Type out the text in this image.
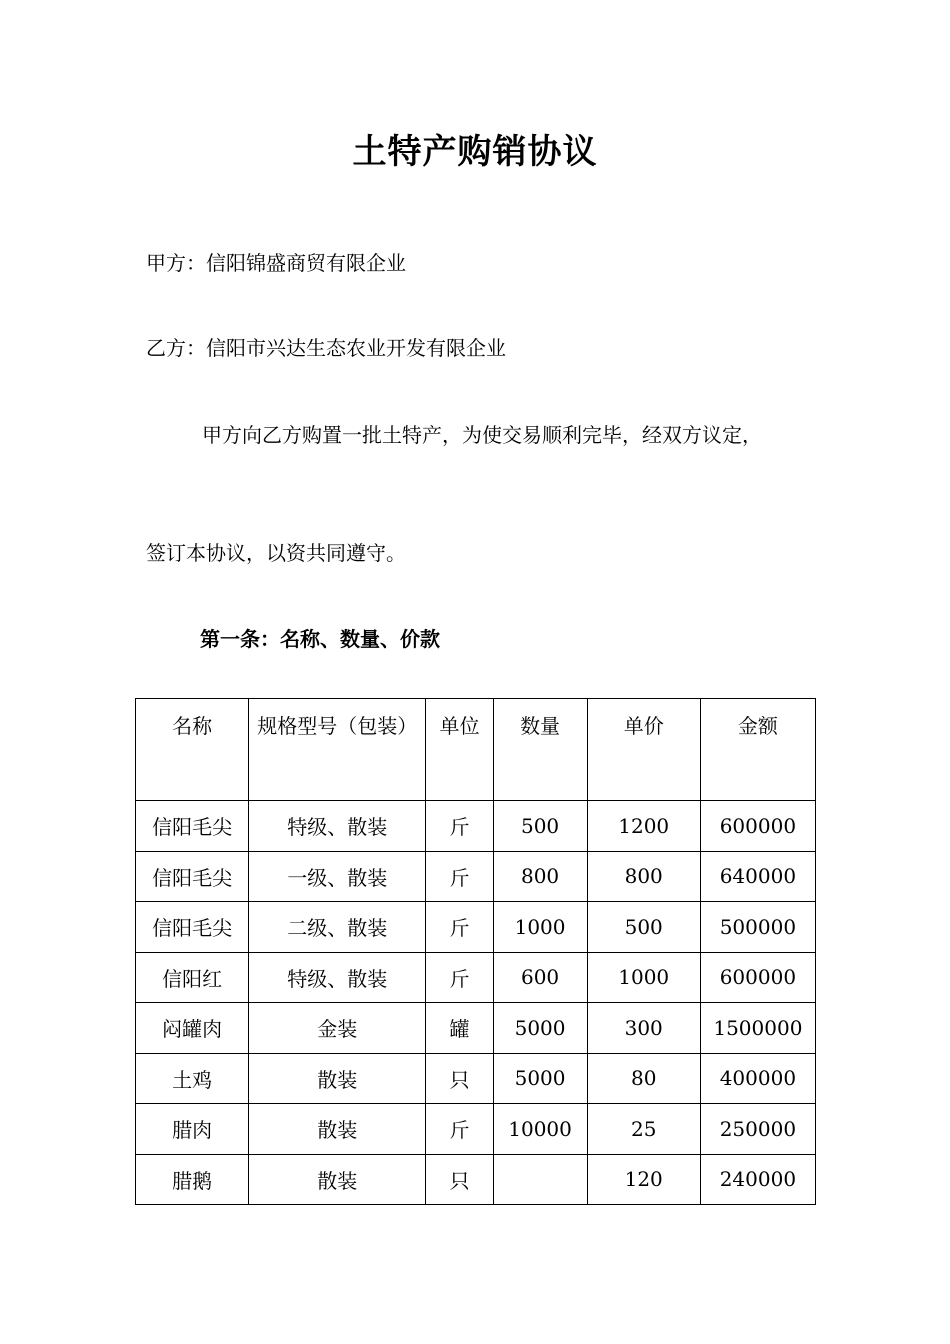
土特产购销协议
甲方：信阳锦盛商贸有限企业
乙方：信阳市兴达生态农业开发有限企业
甲方向乙方购置一批土特产，为使交易顺利完毕，经双方议定，
签订本协议，以资共同遵守。
第一条：名称、数量、价款
名称	规格型号（包装）	单位	数量	单价	金额
信阳毛尖	特级、散装	斤	500	1200	600000
信阳毛尖	一级、散装	斤	800	800	640000
信阳毛尖	二级、散装	斤	1000	500	500000
信阳红	特级、散装	斤	600	1000	600000
闷罐肉	金装	罐	5000	300	1500000
土鸡	散装	只	5000	80	400000
腊肉	散装	斤	10000	25	250000
腊鹅	散装	只		120	240000
